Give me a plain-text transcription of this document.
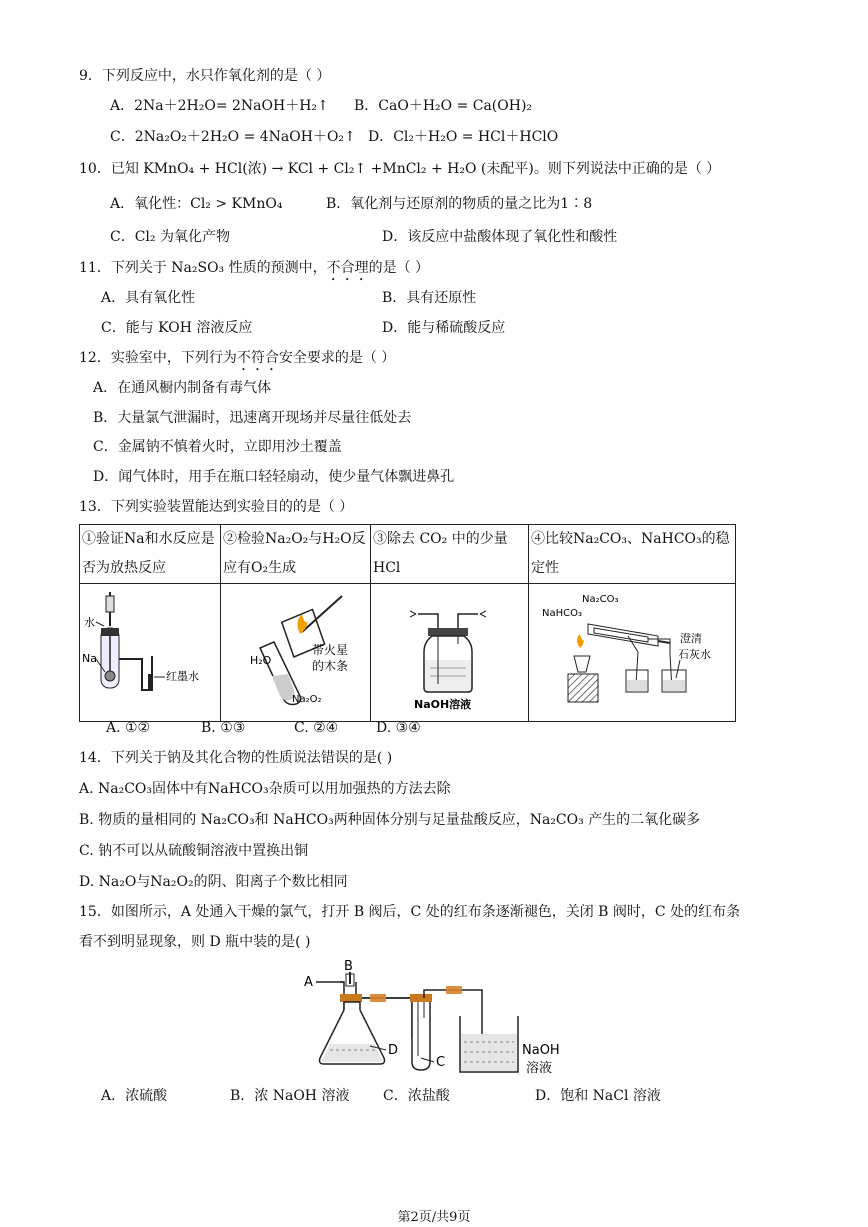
9．下列反应中，水只作氧化剂的是（ ）
A．2Na＋2H₂O= 2NaOH＋H₂↑ B．CaO＋H₂O = Ca(OH)₂
C．2Na₂O₂＋2H₂O = 4NaOH＋O₂↑ D．Cl₂＋H₂O = HCl＋HClO
10．已知 KMnO₄ + HCl(浓) → KCl + Cl₂↑ +MnCl₂ + H₂O (未配平)。则下列说法中正确的是（ ）
A．氧化性：Cl₂ > KMnO₄	B．氧化剂与还原剂的物质的量之比为1∶8
C．Cl₂ 为氧化产物	D．该反应中盐酸体现了氧化性和酸性
11．下列关于 Na₂SO₃ 性质的预测中，不合理的是（ ）
A．具有氧化性	B．具有还原性
C．能与 KOH 溶液反应	D．能与稀硫酸反应
12．实验室中，下列行为不符合安全要求的是（ ）
A．在通风橱内制备有毒气体
B．大量氯气泄漏时，迅速离开现场并尽量往低处去
C．金属钠不慎着火时，立即用沙土覆盖
D．闻气体时，用手在瓶口轻轻扇动，使少量气体飘进鼻孔
13．下列实验装置能达到实验目的的是（ ）
①验证Na和水反应是否为放热反应	②检验Na₂O₂与H₂O反应有O₂生成	③除去 CO₂ 中的少量 HCl	④比较Na₂CO₃、NaHCO₃的稳定性

水
Na
红墨水	H₂O
带火星
的木条
Na₂O₂	NaOH溶液	NaHCO₃
Na₂CO₃
澄清
石灰水
A. ①②	B. ①③	C. ②④	D. ③④
14．下列关于钠及其化合物的性质说法错误的是( )
A. Na₂CO₃固体中有NaHCO₃杂质可以用加强热的方法去除
B. 物质的量相同的 Na₂CO₃和 NaHCO₃两种固体分别与足量盐酸反应，Na₂CO₃ 产生的二氧化碳多
C. 钠不可以从硫酸铜溶液中置换出铜
D. Na₂O与Na₂O₂的阴、阳离子个数比相同
15．如图所示，A 处通入干燥的氯气，打开 B 阀后，C 处的红布条逐渐褪色，关闭 B 阀时，C 处的红布条
看不到明显现象，则 D 瓶中装的是( )
A
B
D
C
NaOH
溶液
A．浓硫酸	B．浓 NaOH 溶液 C．浓盐酸	D．饱和 NaCl 溶液
第2页/共9页
